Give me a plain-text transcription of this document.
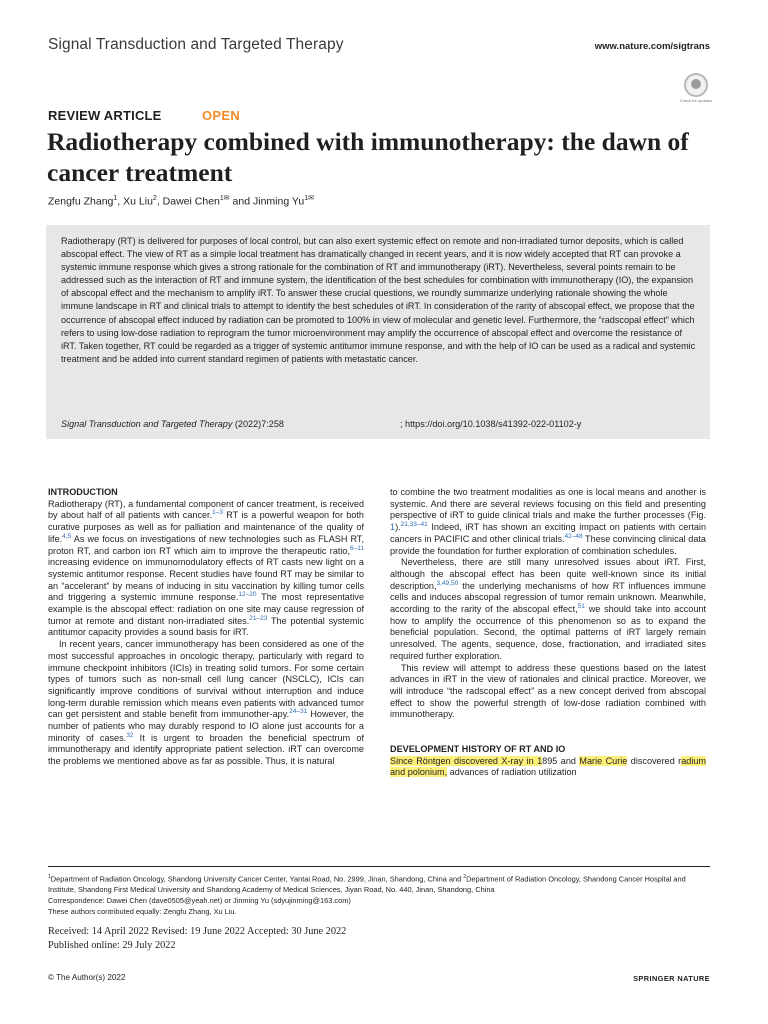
Signal Transduction and Targeted Therapy	www.nature.com/sigtrans
Check for updates
REVIEW ARTICLE	OPEN
Radiotherapy combined with immunotherapy: the dawn of cancer treatment
Zengfu Zhang$^1$, Xu Liu$^2$, Dawei Chen$^{1✉}$ and Jinming $Yu^{1✉}$
Radiotherapy (RT) is delivered for purposes of local control, but can also exert systemic effect on remote and non-irradiated tumor deposits, which is called abscopal effect. The view of RT as a simple local treatment has dramatically changed in recent years, and it is now widely accepted that RT can provoke a systemic immune response which gives a strong rationale for the combination of RT and immunotherapy (iRT). Nevertheless, several points remain to be addressed such as the interaction of RT and immune system, the identification of the best schedules for combination with immunotherapy (IO), the expansion of abscopal effect and the mechanism to amplify iRT. To answer these crucial questions, we roundly summarize underlying rationale showing the whole immune landscape in RT and clinical trials to attempt to identify the best schedules of iRT. In consideration of the rarity of abscopal effect, we propose that the occurrence of abscopal effect induced by radiation can be promoted to 100% in view of molecular and genetic level. Furthermore, the “radscopal effect” which refers to using low-dose radiation to reprogram the tumor microenvironment may amplify the occurrence of abscopal effect and overcome the resistance of iRT. Taken together, RT could be regarded as a trigger of systemic antitumor immune response, and with the help of IO can be used as a radical and systemic treatment and be added into current standard regimen of patients with metastatic cancer.
Signal Transduction and Targeted Therapy (2022)7:258	; https://doi.org/10.1038/s41392-022-01102-y
INTRODUCTION

Radiotherapy (RT), a fundamental component of cancer treatment, is received by about half of all patients with cancer.$^{1-3}$ RT is a powerful weapon for both curative purposes as well as for palliation and maintenance of the quality of life.$^{4,5}$ As we focus on investigations of new technologies such as FLASH RT, proton RT, and carbon ion RT which aim to improve the therapeutic ratio,$^{6-11}$ increasing evidence on immunomodulatory effects of RT casts new light on a systemic antitumor response. Recent studies have found RT may be similar to an “accelerant” by means of inducing in situ vaccination by killing tumor cells and triggering a systemic immune response.$^{12-20}$ The most representative example is the abscopal effect: radiation on one site may cause regression of tumor at remote and distant non-irradiated sites.$^{21-23}$ The potential systemic antitumor capacity provides a sound basis for iRT.

In recent years, cancer immunotherapy has been considered as one of the most successful approaches in oncologic therapy, particularly with regard to immune checkpoint inhibitors (ICIs) in treating solid tumors. For some certain types of tumors such as non-small cell lung cancer (NSCLC), ICIs can significantly improve conditions of survival without interruption and induce long-term durable remission which means even patients with advanced tumor can get persistent and stable benefit from immunother-apy.$^{24-31}$ However, the number of patients who may durably respond to IO alone just accounts for a minority of cases.$^{32}$ It is urgent to broaden the beneficial spectrum of immunotherapy and identify appropriate patient selection. iRT can overcome the problems we mentioned above as far as possible. Thus, it is natural

to combine the two treatment modalities as one is local means and another is systemic. And there are several reviews focusing on this field and presenting perspective of iRT to guide clinical trials and make the further processes (Fig. 1).$^{21,33-41}$ Indeed, iRT has shown an exciting impact on patients with certain cancers in PACIFIC and other clinical trials.$^{42-48}$ These convincing clinical data provide the foundation for further exploration of combination schedules.

Nevertheless, there are still many unresolved issues about iRT. First, although the abscopal effect has been quite well-known since its initial description,$^{3,49,50}$ the underlying mechanisms of how RT influences immune cells and induces abscopal regression of tumor remain unknown. Meanwhile, according to the rarity of the abscopal effect,$^{51}$ we should take into account how to amplify the occurrence of this phenomenon so as to expand the beneficial population. Second, the optimal patterns of iRT largely remain unresolved. The agents, sequence, dose, fractionation, and irradiated sites required further exploration.

This review will attempt to address these questions based on the latest advances in iRT in the view of rationales and clinical practice. Moreover, we will introduce “the radscopal effect” as a new concept derived from abscopal effect to show the powerful strength of low-dose radiation combined with immunotherapy.

DEVELOPMENT HISTORY OF RT AND IO

Since Röntgen discovered X-ray in 1895 and Marie Curie discovered radium and polonium, advances of radiation utilization

$^1$Department of Radiation Oncology, Shandong University Cancer Center, Yantai Road, No. 2999, Jinan, Shandong, China and $^2$Department of Radiation Oncology, Shandong Cancer Hospital and Institute, Shandong First Medical University and Shandong Academy of Medical Sciences, Jiyan Road, No. 440, Jinan, Shandong, China
Correspondence: Dawei Chen (dave0505@yeah.net) or Jinming Yu (sdyujinming@163.com)
These authors contributed equally: Zengfu Zhang, Xu Liu.
Received: 14 April 2022 Revised: 19 June 2022 Accepted: 30 June 2022
Published online: 29 July 2022
© The Author(s) 2022	SPRINGER NATURE
